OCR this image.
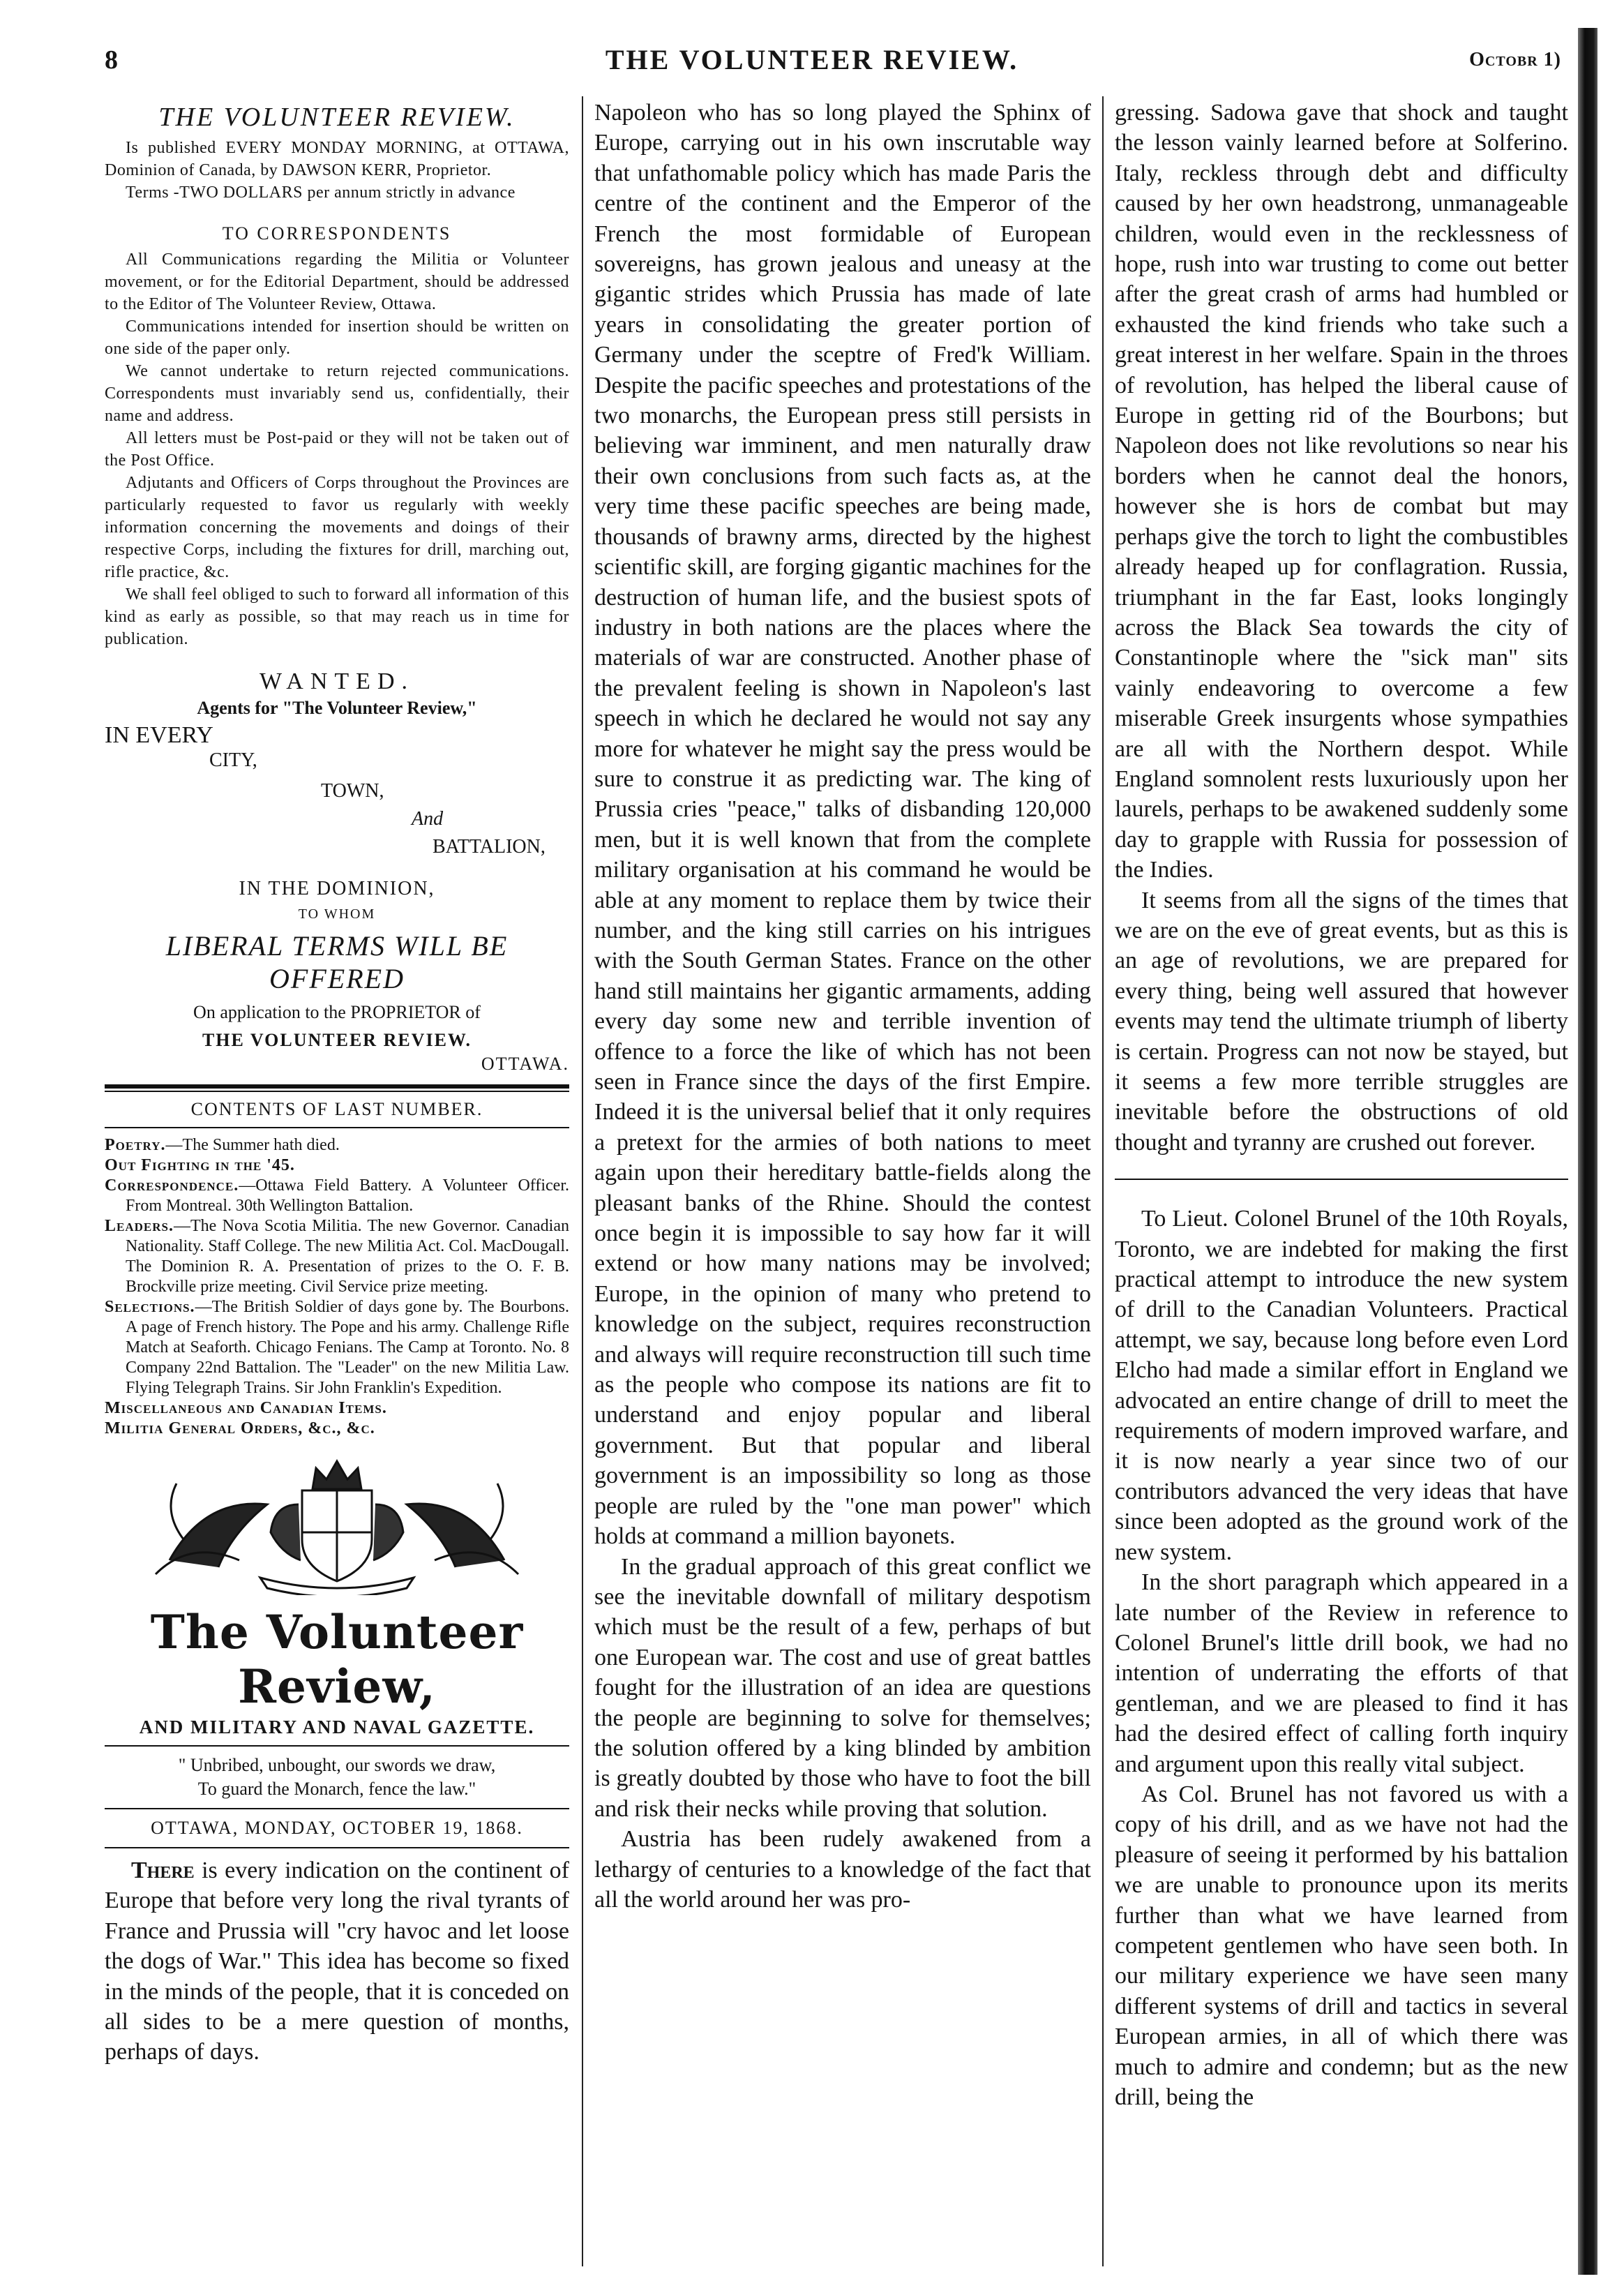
8	THE VOLUNTEER REVIEW.	Octobr 1)
THE VOLUNTEER REVIEW.

Is published EVERY MONDAY MORNING, at OTTAWA, Dominion of Canada, by DAWSON KERR, Proprietor.

Terms -TWO DOLLARS per annum strictly in advance

TO CORRESPONDENTS

All Communications regarding the Militia or Volunteer movement, or for the Editorial Department, should be addressed to the Editor of The Volunteer Review, Ottawa.

Communications intended for insertion should be written on one side of the paper only.

We cannot undertake to return rejected communications. Correspondents must invariably send us, confidentially, their name and address.

All letters must be Post-paid or they will not be taken out of the Post Office.

Adjutants and Officers of Corps throughout the Provinces are particularly requested to favor us regularly with weekly information concerning the movements and doings of their respective Corps, including the fixtures for drill, marching out, rifle practice, &c.

We shall feel obliged to such to forward all information of this kind as early as possible, so that may reach us in time for publication.

WANTED.
Agents for "The Volunteer Review,"
IN EVERY
CITY,
TOWN,
And
BATTALION,
IN THE DOMINION,
TO WHOM
LIBERAL TERMS WILL BE OFFERED
On application to the PROPRIETOR of
THE VOLUNTEER REVIEW.
OTTAWA.
CONTENTS OF LAST NUMBER.

Poetry.—The Summer hath died.

Out Fighting in the '45.

Correspondence.—Ottawa Field Battery. A Volunteer Officer. From Montreal. 30th Wellington Battalion.

Leaders.—The Nova Scotia Militia. The new Governor. Canadian Nationality. Staff College. The new Militia Act. Col. MacDougall. The Dominion R. A. Presentation of prizes to the O. F. B. Brockville prize meeting. Civil Service prize meeting.

Selections.—The British Soldier of days gone by. The Bourbons. A page of French history. The Pope and his army. Challenge Rifle Match at Seaforth. Chicago Fenians. The Camp at Toronto. No. 8 Company 22nd Battalion. The "Leader" on the new Militia Law. Flying Telegraph Trains. Sir John Franklin's Expedition.

Miscellaneous and Canadian Items.

Militia General Orders, &c., &c.

The Volunteer Review,
AND MILITARY AND NAVAL GAZETTE.
" Unbribed, unbought, our swords we draw,
To guard the Monarch, fence the law."
OTTAWA, MONDAY, OCTOBER 19, 1868.

There is every indication on the continent of Europe that before very long the rival tyrants of France and Prussia will "cry havoc and let loose the dogs of War." This idea has become so fixed in the minds of the people, that it is conceded on all sides to be a mere question of months, perhaps of days.

Napoleon who has so long played the Sphinx of Europe, carrying out in his own inscrutable way that unfathomable policy which has made Paris the centre of the continent and the Emperor of the French the most formidable of European sovereigns, has grown jealous and uneasy at the gigantic strides which Prussia has made of late years in consolidating the greater portion of Germany under the sceptre of Fred'k William. Despite the pacific speeches and protestations of the two monarchs, the European press still persists in believing war imminent, and men naturally draw their own conclusions from such facts as, at the very time these pacific speeches are being made, thousands of brawny arms, directed by the highest scientific skill, are forging gigantic machines for the destruction of human life, and the busiest spots of industry in both nations are the places where the materials of war are constructed. Another phase of the prevalent feeling is shown in Napoleon's last speech in which he declared he would not say any more for whatever he might say the press would be sure to construe it as predicting war. The king of Prussia cries "peace," talks of disbanding 120,000 men, but it is well known that from the complete military organisation at his command he would be able at any moment to replace them by twice their number, and the king still carries on his intrigues with the South German States. France on the other hand still maintains her gigantic armaments, adding every day some new and terrible invention of offence to a force the like of which has not been seen in France since the days of the first Empire. Indeed it is the universal belief that it only requires a pretext for the armies of both nations to meet again upon their hereditary battle-fields along the pleasant banks of the Rhine. Should the contest once begin it is impossible to say how far it will extend or how many nations may be involved; Europe, in the opinion of many who pretend to knowledge on the subject, requires reconstruction and always will require reconstruction till such time as the people who compose its nations are fit to understand and enjoy popular and liberal government. But that popular and liberal government is an impossibility so long as those people are ruled by the "one man power" which holds at command a million bayonets.

In the gradual approach of this great conflict we see the inevitable downfall of military despotism which must be the result of a few, perhaps of but one European war. The cost and use of great battles fought for the illustration of an idea are questions the people are beginning to solve for themselves; the solution offered by a king blinded by ambition is greatly doubted by those who have to foot the bill and risk their necks while proving that solution.

Austria has been rudely awakened from a lethargy of centuries to a knowledge of the fact that all the world around her was pro-

gressing. Sadowa gave that shock and taught the lesson vainly learned before at Solferino. Italy, reckless through debt and difficulty caused by her own headstrong, unmanageable children, would even in the recklessness of hope, rush into war trusting to come out better after the great crash of arms had humbled or exhausted the kind friends who take such a great interest in her welfare. Spain in the throes of revolution, has helped the liberal cause of Europe in getting rid of the Bourbons; but Napoleon does not like revolutions so near his borders when he cannot deal the honors, however she is hors de combat but may perhaps give the torch to light the combustibles already heaped up for conflagration. Russia, triumphant in the far East, looks longingly across the Black Sea towards the city of Constantinople where the "sick man" sits vainly endeavoring to overcome a few miserable Greek insurgents whose sympathies are all with the Northern despot. While England somnolent rests luxuriously upon her laurels, perhaps to be awakened suddenly some day to grapple with Russia for possession of the Indies.

It seems from all the signs of the times that we are on the eve of great events, but as this is an age of revolutions, we are prepared for every thing, being well assured that however events may tend the ultimate triumph of liberty is certain. Progress can not now be stayed, but it seems a few more terrible struggles are inevitable before the obstructions of old thought and tyranny are crushed out forever.

To Lieut. Colonel Brunel of the 10th Royals, Toronto, we are indebted for making the first practical attempt to introduce the new system of drill to the Canadian Volunteers. Practical attempt, we say, because long before even Lord Elcho had made a similar effort in England we advocated an entire change of drill to meet the requirements of modern improved warfare, and it is now nearly a year since two of our contributors advanced the very ideas that have since been adopted as the ground work of the new system.

In the short paragraph which appeared in a late number of the Review in reference to Colonel Brunel's little drill book, we had no intention of underrating the efforts of that gentleman, and we are pleased to find it has had the desired effect of calling forth inquiry and argument upon this really vital subject.

As Col. Brunel has not favored us with a copy of his drill, and as we have not had the pleasure of seeing it performed by his battalion we are unable to pronounce upon its merits further than what we have learned from competent gentlemen who have seen both. In our military experience we have seen many different systems of drill and tactics in several European armies, in all of which there was much to admire and condemn; but as the new drill, being the
